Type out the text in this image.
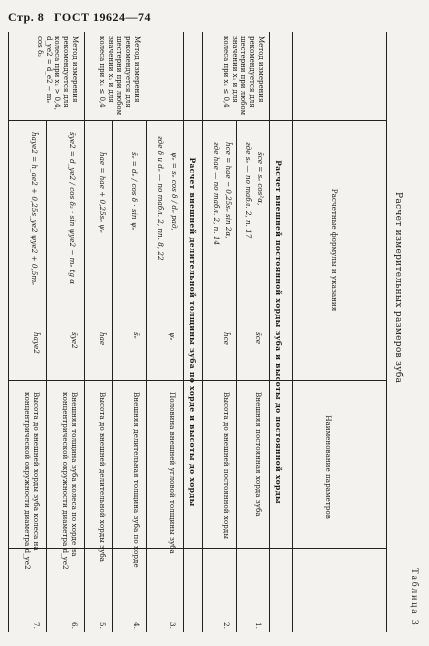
Стр. 8 ГОСТ 19624—74
Таблица 3
Расчет измерительных размеров зуба
Наименование параметров
Расчетные формулы и указания
Расчет внешней постоянной хорды зуба и высоты до постоянной хорды
1.
Внешняя постоянная хорда зуба
s̄ce
s̄ce = sₑ cos²α,
где sₑ — по табл. 2, п. 17
Метод измерения рекомендуется для шестерни при любом значении x₁ и для колеса при x₁ ≤ 0,4
2.
Высота до внешней постоянной хорды
h̄ce
h̄ce = hae − 0,25sₑ sin 2α,
где hae — по табл. 2, п. 14
Расчет внешней делительной толщины зуба по хорде и высоты до хорды
3.
Половина внешней угловой толщины зуба
ψₑ
ψₑ = sₑ cos δ / dₑ рад,
где δ и dₑ — по табл. 2, пп. 8, 22
4.
Внешняя делительная толщина зуба по хорде
s̄ₑ
s̄ₑ = dₑ / cos δ · sin ψₑ
Метод измерения рекомендуется для шестерни при любом значении x₁ и для колеса при x₁ ≤ 0,4
5.
Высота до внешней делительной хорды зуба
h̄ae
h̄ae = hae + 0,25sₑ ψₑ
6.
Внешняя толщина зуба колеса по хорде на концентрической окружности диаметра d_ye2
s̄ye2
s̄ye2 = d_ye2 / cos δ₂ · sin ψye2 − mₑ tg α
Метод измерения рекомендуется для колеса при x₁ > 0,4, d_ye2 = d_e2 − mₑ cos δ₂
7.
Высота до внешней хорды зуба колеса на концентрической окружности диаметра d_ye2
h̄aye2
h̄aye2 = h_ae2 + 0,25s_ye2 ψye2 + 0,5mₑ
